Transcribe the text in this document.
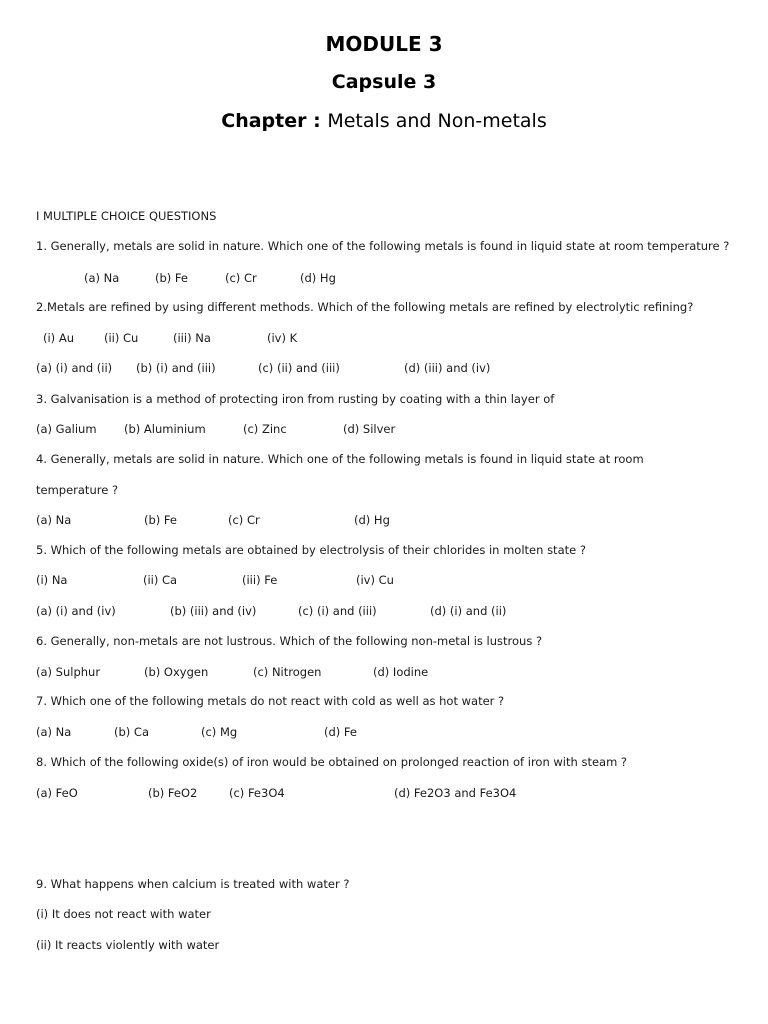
MODULE 3
Capsule 3
Chapter : Metals and Non-metals
I MULTIPLE CHOICE QUESTIONS
1. Generally, metals are solid in nature. Which one of the following metals is found in liquid state at room temperature ?
(a) Na	(b) Fe	(c) Cr	(d) Hg
2.Metals are refined by using different methods. Which of the following metals are refined by electrolytic refining?
(i) Au	(ii) Cu	(iii) Na	(iv) K
(a) (i) and (ii) (b) (i) and (iii)	(c) (ii) and (iii)	(d) (iii) and (iv)
3. Galvanisation is a method of protecting iron from rusting by coating with a thin layer of
(a) Galium (b) Aluminium	(c) Zinc	(d) Silver
4. Generally, metals are solid in nature. Which one of the following metals is found in liquid state at room
temperature ?
(a) Na	(b) Fe	(c) Cr	(d) Hg
5. Which of the following metals are obtained by electrolysis of their chlorides in molten state ?
(i) Na	(ii) Ca	(iii) Fe	(iv) Cu
(a) (i) and (iv)	(b) (iii) and (iv)	(c) (i) and (iii)	(d) (i) and (ii)
6. Generally, non-metals are not lustrous. Which of the following non-metal is lustrous ?
(a) Sulphur	(b) Oxygen	(c) Nitrogen	(d) Iodine
7. Which one of the following metals do not react with cold as well as hot water ?
(a) Na	(b) Ca	(c) Mg	(d) Fe
8. Which of the following oxide(s) of iron would be obtained on prolonged reaction of iron with steam ?
(a) FeO	(b) FeO2	(c) Fe3O4	(d) Fe2O3 and Fe3O4
9. What happens when calcium is treated with water ?
(i) It does not react with water
(ii) It reacts violently with water
